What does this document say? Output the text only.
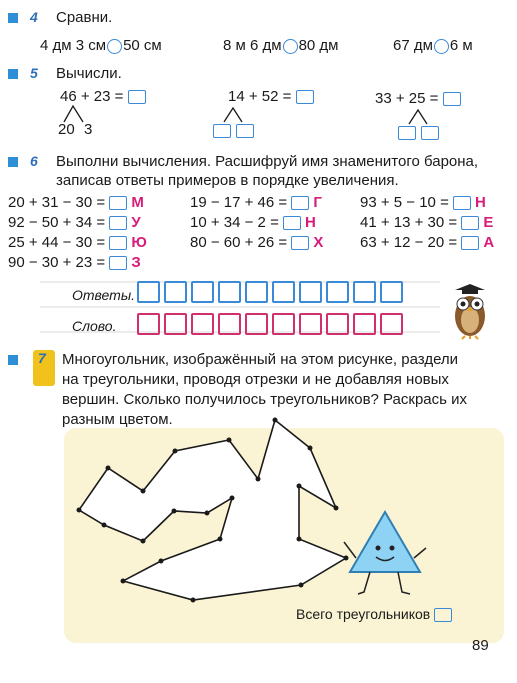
4 Сравни.
4 дм 3 см 50 см	8 м 6 дм 80 дм	67 дм 6 м
5 Вычисли.
46 + 23 =	14 + 52 =	33 + 25 =
20 3
6 Выполни вычисления. Расшифруй имя знаменитого барона,
записав ответы примеров в порядке увеличения.
20 + 31 − 30 = М
92 − 50 + 34 = У
25 + 44 − 30 = Ю
90 − 30 + 23 = З
19 − 17 + 46 = Г
10 + 34 − 2 = Н
80 − 60 + 26 = Х
93 + 5 − 10 = Н
41 + 13 + 30 = Е
63 + 12 − 20 = А
Ответы.
Слово.
7 Многоугольник, изображённый на этом рисунке, раздели
на треугольники, проводя отрезки и не добавляя новых
вершин. Сколько получилось треугольников? Раскрась их
разным цветом.
Всего треугольников
89
